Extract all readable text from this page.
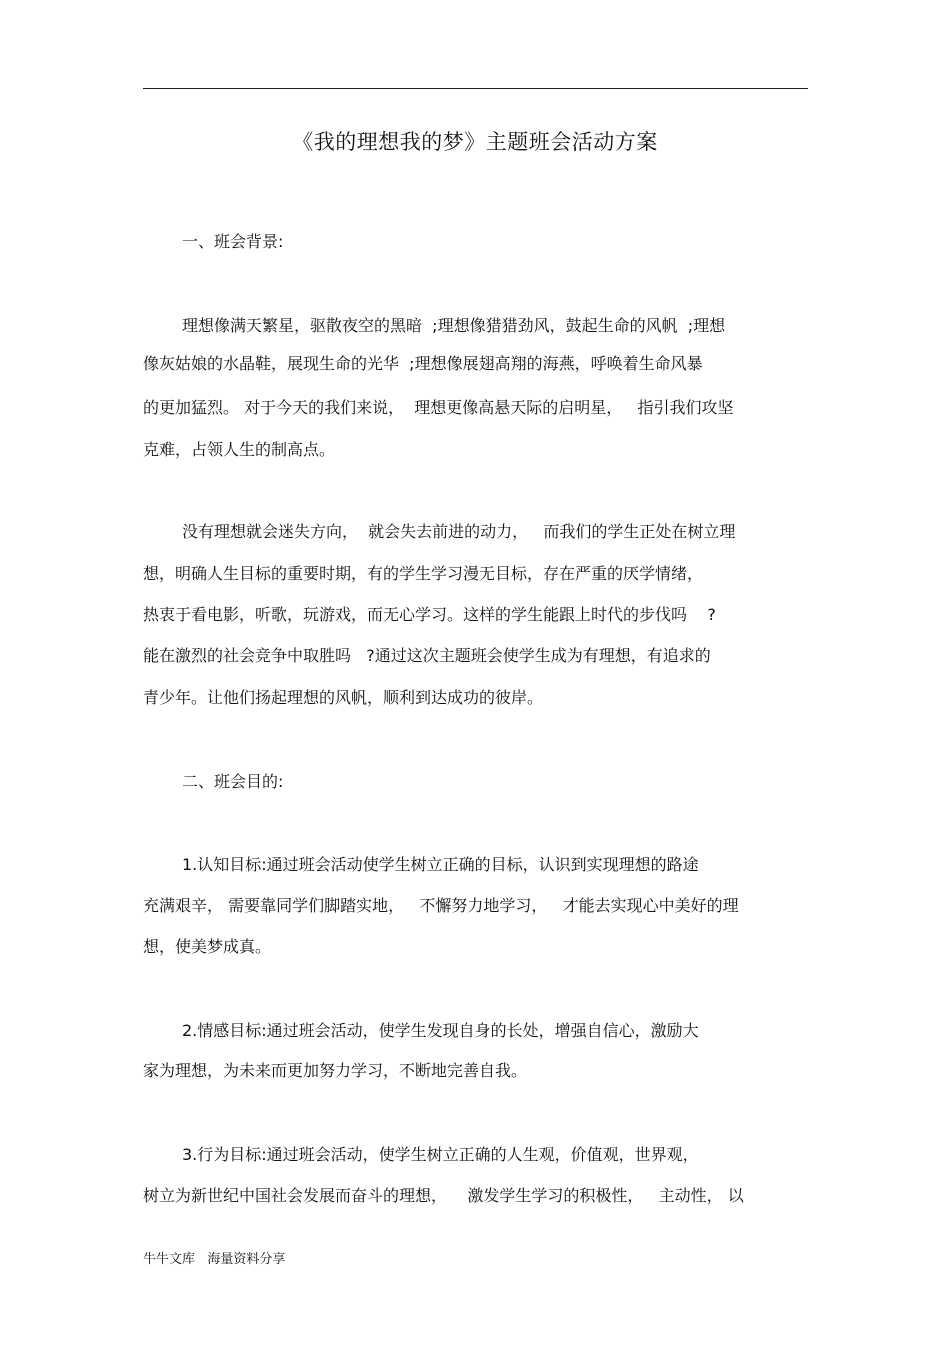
《我的理想我的梦》主题班会活动方案
一、班会背景:
理想像满天繁星，驱散夜空的黑暗  ;理想像猎猎劲风，鼓起生命的风帆  ;理想
像灰姑娘的水晶鞋，展现生命的光华  ;理想像展翅高翔的海燕，呼唤着生命风暴
的更加猛烈。 对于今天的我们来说，  理想更像高悬天际的启明星，   指引我们攻坚
克难，占领人生的制高点。
没有理想就会迷失方向，  就会失去前进的动力，   而我们的学生正处在树立理
想，明确人生目标的重要时期，有的学生学习漫无目标，存在严重的厌学情绪，
热衷于看电影，听歌，玩游戏，而无心学习。这样的学生能跟上时代的步伐吗    ?
能在激烈的社会竞争中取胜吗   ?通过这次主题班会使学生成为有理想，有追求的
青少年。让他们扬起理想的风帆，顺利到达成功的彼岸。
二、班会目的:
1.认知目标:通过班会活动使学生树立正确的目标，认识到实现理想的路途
充满艰辛， 需要靠同学们脚踏实地，   不懈努力地学习，   才能去实现心中美好的理
想，使美梦成真。
2.情感目标:通过班会活动，使学生发现自身的长处，增强自信心，激励大
家为理想，为未来而更加努力学习，不断地完善自我。
3.行为目标:通过班会活动，使学生树立正确的人生观，价值观，世界观，
树立为新世纪中国社会发展而奋斗的理想，    激发学生学习的积极性，   主动性， 以
牛牛文库   海量资料分享
